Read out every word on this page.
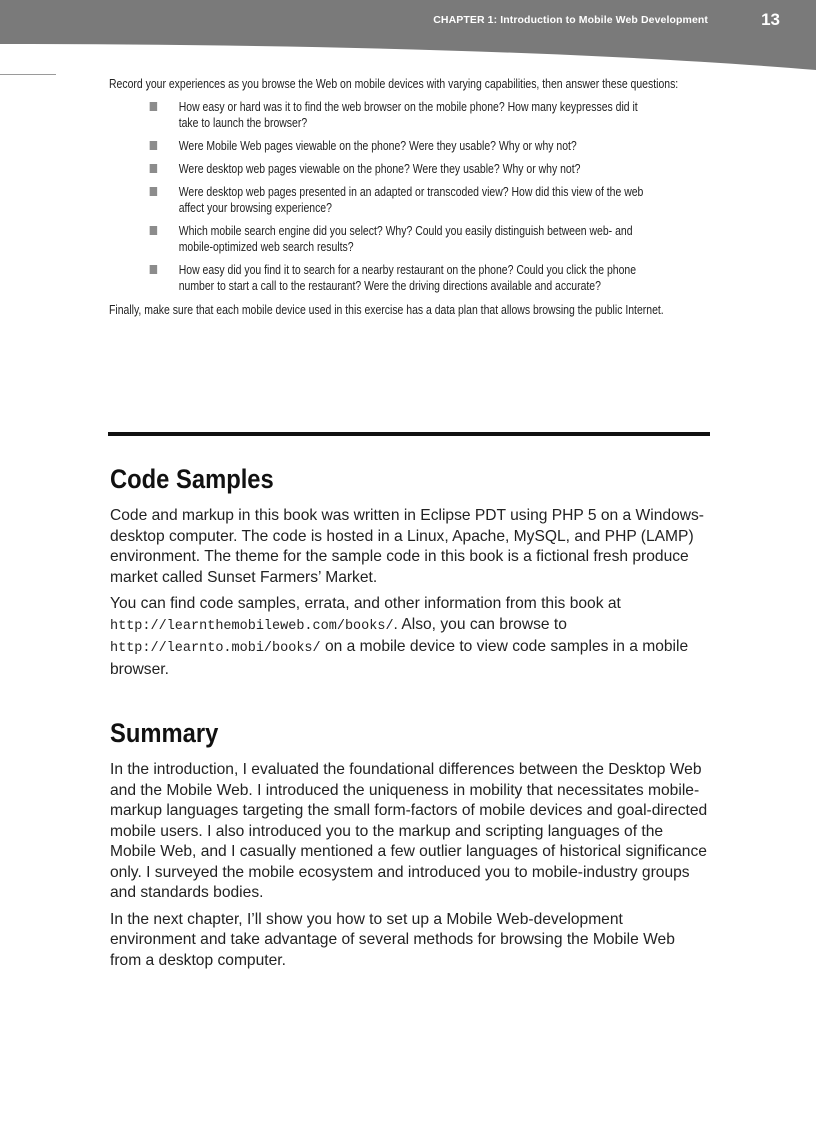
CHAPTER 1: Introduction to Mobile Web Development	13

Record your experiences as you browse the Web on mobile devices with varying capabilities, then answer these questions:

How easy or hard was it to find the web browser on the mobile phone? How many keypresses did it take to launch the browser?
Were Mobile Web pages viewable on the phone? Were they usable? Why or why not?
Were desktop web pages viewable on the phone? Were they usable? Why or why not?
Were desktop web pages presented in an adapted or transcoded view? How did this view of the web affect your browsing experience?
Which mobile search engine did you select? Why? Could you easily distinguish between web- and mobile-optimized web search results?
How easy did you find it to search for a nearby restaurant on the phone? Could you click the phone number to start a call to the restaurant? Were the driving directions available and accurate?

Finally, make sure that each mobile device used in this exercise has a data plan that allows browsing the public Internet.

Code Samples

Code and markup in this book was written in Eclipse PDT using PHP 5 on a Windows-desktop computer. The code is hosted in a Linux, Apache, MySQL, and PHP (LAMP) environment. The theme for the sample code in this book is a fictional fresh produce market called Sunset Farmers’ Market.

You can find code samples, errata, and other information from this book at
http://learnthemobileweb.com/books/. Also, you can browse to
http://learnto.mobi/books/ on a mobile device to view code samples in a mobile browser.

Summary

In the introduction, I evaluated the foundational differences between the Desktop Web and the Mobile Web. I introduced the uniqueness in mobility that necessitates mobile-markup languages targeting the small form-factors of mobile devices and goal-directed mobile users. I also introduced you to the markup and scripting languages of the Mobile Web, and I casually mentioned a few outlier languages of historical significance only. I surveyed the mobile ecosystem and introduced you to mobile-industry groups and standards bodies.

In the next chapter, I’ll show you how to set up a Mobile Web-development environment and take advantage of several methods for browsing the Mobile Web from a desktop computer.
